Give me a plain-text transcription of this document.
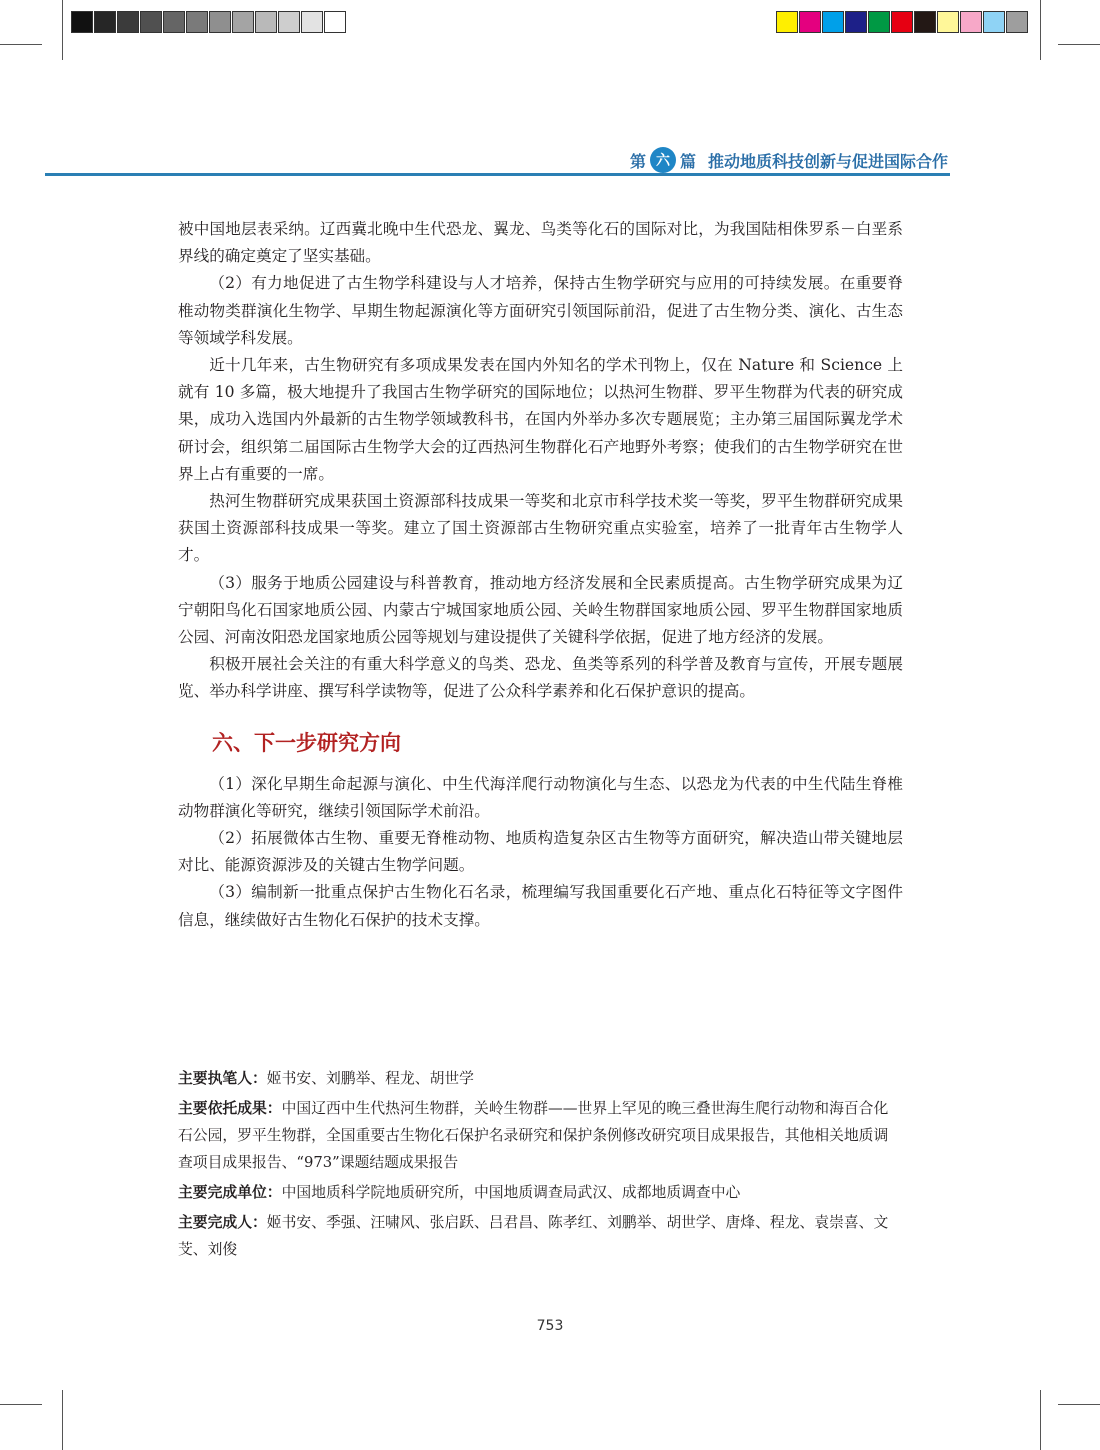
第 六 篇 推动地质科技创新与促进国际合作

被中国地层表采纳。辽西冀北晚中生代恐龙、翼龙、鸟类等化石的国际对比，为我国陆相侏罗系－白垩系界线的确定奠定了坚实基础。

（2）有力地促进了古生物学科建设与人才培养，保持古生物学研究与应用的可持续发展。在重要脊椎动物类群演化生物学、早期生物起源演化等方面研究引领国际前沿，促进了古生物分类、演化、古生态等领域学科发展。

近十几年来，古生物研究有多项成果发表在国内外知名的学术刊物上，仅在 Nature 和 Science 上就有 10 多篇，极大地提升了我国古生物学研究的国际地位；以热河生物群、罗平生物群为代表的研究成果，成功入选国内外最新的古生物学领域教科书，在国内外举办多次专题展览；主办第三届国际翼龙学术研讨会，组织第二届国际古生物学大会的辽西热河生物群化石产地野外考察；使我们的古生物学研究在世界上占有重要的一席。

热河生物群研究成果获国土资源部科技成果一等奖和北京市科学技术奖一等奖，罗平生物群研究成果获国土资源部科技成果一等奖。建立了国土资源部古生物研究重点实验室，培养了一批青年古生物学人才。

（3）服务于地质公园建设与科普教育，推动地方经济发展和全民素质提高。古生物学研究成果为辽宁朝阳鸟化石国家地质公园、内蒙古宁城国家地质公园、关岭生物群国家地质公园、罗平生物群国家地质公园、河南汝阳恐龙国家地质公园等规划与建设提供了关键科学依据，促进了地方经济的发展。

积极开展社会关注的有重大科学意义的鸟类、恐龙、鱼类等系列的科学普及教育与宣传，开展专题展览、举办科学讲座、撰写科学读物等，促进了公众科学素养和化石保护意识的提高。

六、下一步研究方向

（1）深化早期生命起源与演化、中生代海洋爬行动物演化与生态、以恐龙为代表的中生代陆生脊椎动物群演化等研究，继续引领国际学术前沿。

（2）拓展微体古生物、重要无脊椎动物、地质构造复杂区古生物等方面研究，解决造山带关键地层对比、能源资源涉及的关键古生物学问题。

（3）编制新一批重点保护古生物化石名录，梳理编写我国重要化石产地、重点化石特征等文字图件信息，继续做好古生物化石保护的技术支撑。

主要执笔人：姬书安、刘鹏举、程龙、胡世学

主要依托成果：中国辽西中生代热河生物群，关岭生物群——世界上罕见的晚三叠世海生爬行动物和海百合化石公园，罗平生物群，全国重要古生物化石保护名录研究和保护条例修改研究项目成果报告，其他相关地质调查项目成果报告、“973”课题结题成果报告

主要完成单位：中国地质科学院地质研究所，中国地质调查局武汉、成都地质调查中心

主要完成人：姬书安、季强、汪啸风、张启跃、吕君昌、陈孝红、刘鹏举、胡世学、唐烽、程龙、袁崇喜、文芠、刘俊

753
